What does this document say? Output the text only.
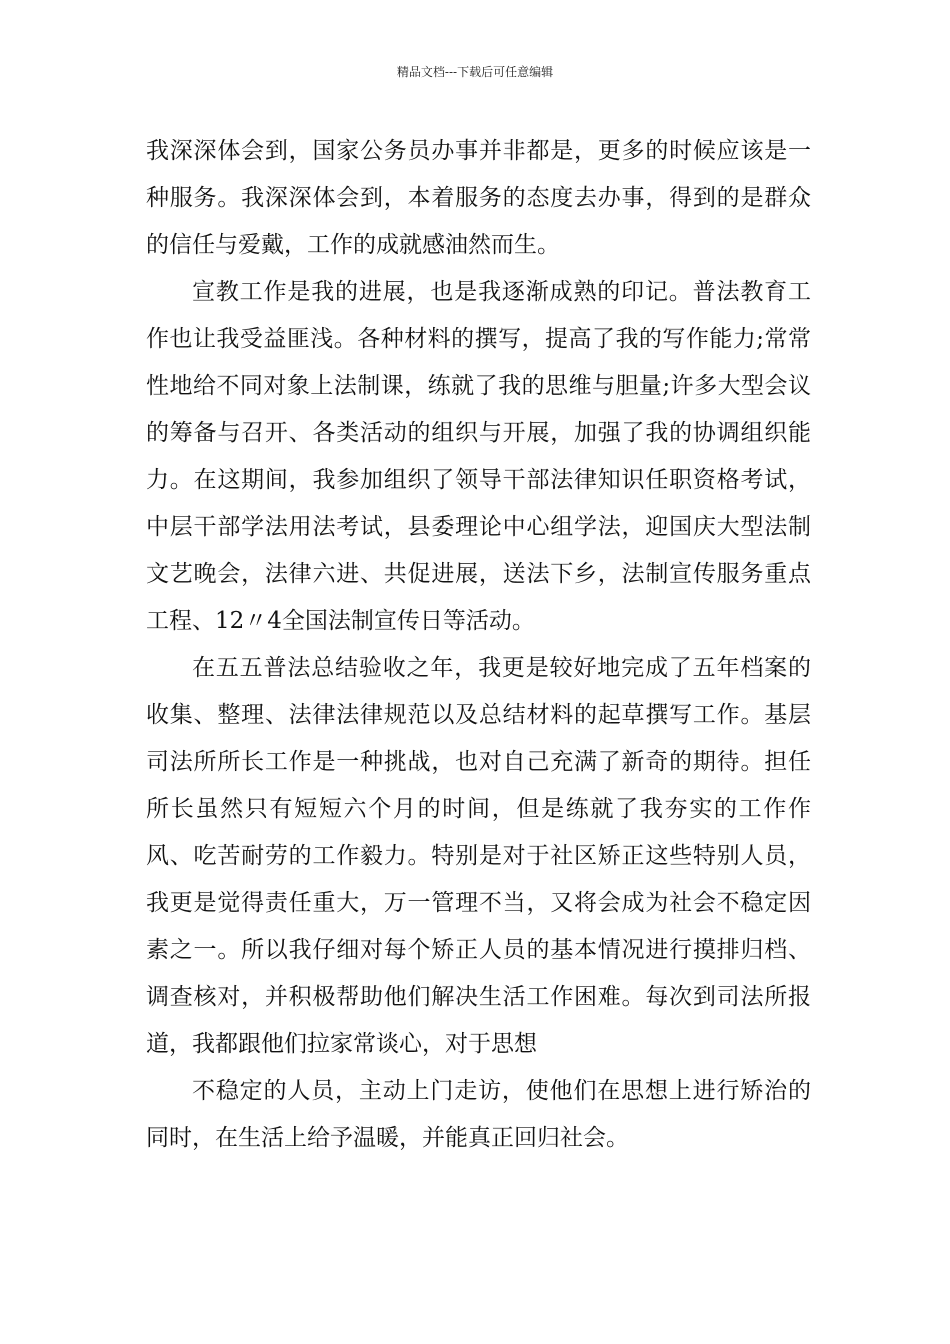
精品文档---下载后可任意编辑

我深深体会到，国家公务员办事并非都是，更多的时候应该是一种服务。我深深体会到，本着服务的态度去办事，得到的是群众的信任与爱戴，工作的成就感油然而生。

宣教工作是我的进展，也是我逐渐成熟的印记。普法教育工作也让我受益匪浅。各种材料的撰写，提高了我的写作能力;常常性地给不同对象上法制课，练就了我的思维与胆量;许多大型会议的筹备与召开、各类活动的组织与开展，加强了我的协调组织能力。在这期间，我参加组织了领导干部法律知识任职资格考试，中层干部学法用法考试，县委理论中心组学法，迎国庆大型法制文艺晚会，法律六进、共促进展，送法下乡，法制宣传服务重点工程、12〃4全国法制宣传日等活动。

在五五普法总结验收之年，我更是较好地完成了五年档案的收集、整理、法律法律规范以及总结材料的起草撰写工作。基层司法所所长工作是一种挑战，也对自己充满了新奇的期待。担任所长虽然只有短短六个月的时间，但是练就了我夯实的工作作风、吃苦耐劳的工作毅力。特别是对于社区矫正这些特别人员，我更是觉得责任重大，万一管理不当，又将会成为社会不稳定因素之一。所以我仔细对每个矫正人员的基本情况进行摸排归档、调查核对，并积极帮助他们解决生活工作困难。每次到司法所报道，我都跟他们拉家常谈心，对于思想

不稳定的人员，主动上门走访，使他们在思想上进行矫治的同时，在生活上给予温暖，并能真正回归社会。
